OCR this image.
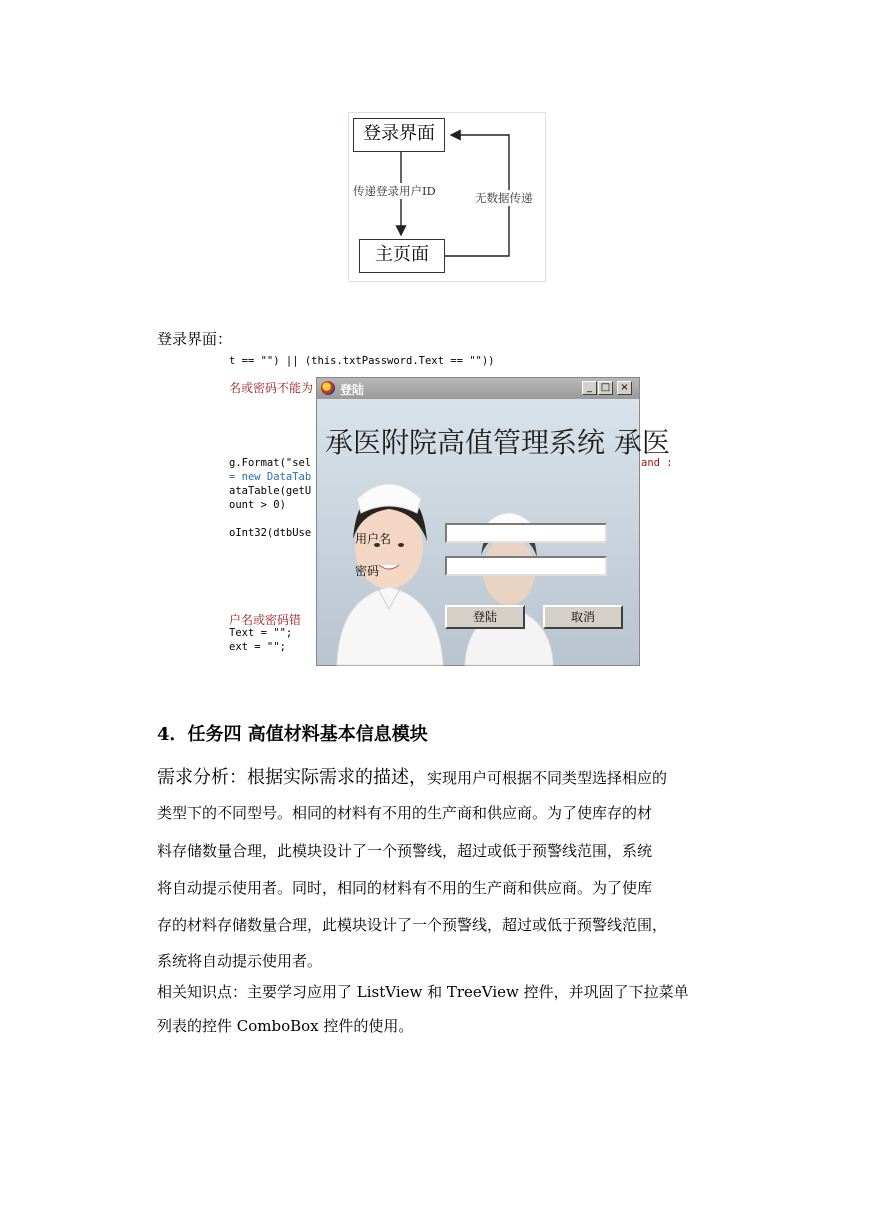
登录界面
主页面
传递登录用户ID	无数据传递
登录界面：
t == "") || (this.txtPassword.Text == ""))
名或密码不能为
g.Format("sel
= new DataTab
ataTable(getU
ount > 0)
oInt32(dtbUse
户名或密码错
Text = "";
ext = "";
and :
登陆	_ □	×
承医附院高值管理系统 承医
用户名
密码
登陆	取消
4．任务四 高值材料基本信息模块
需求分析：根据实际需求的描述，实现用户可根据不同类型选择相应的
类型下的不同型号。相同的材料有不用的生产商和供应商。为了使库存的材
料存储数量合理，此模块设计了一个预警线，超过或低于预警线范围，系统
将自动提示使用者。同时，相同的材料有不用的生产商和供应商。为了使库
存的材料存储数量合理，此模块设计了一个预警线，超过或低于预警线范围，
系统将自动提示使用者。
相关知识点：主要学习应用了 ListView 和 TreeView 控件，并巩固了下拉菜单
列表的控件 ComboBox 控件的使用。
